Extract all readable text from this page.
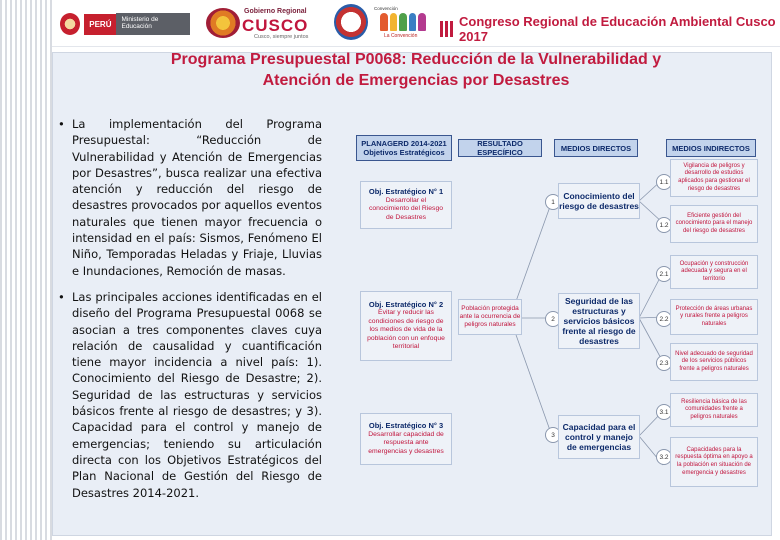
PERÚ	Ministerio de Educación
Gobierno Regional
CUSCO
Cusco, siempre juntos
Convención
La Convención
Congreso Regional de Educación Ambiental Cusco 2017
Programa Presupuestal P0068: Reducción de la Vulnerabilidad y
Atención de Emergencias por Desastres
• La implementación del Programa Presupuestal: “Reducción de Vulnerabilidad y Atención de Emergencias por Desastres”, busca realizar una efectiva atención y reducción del riesgo de desastres provocados por aquellos eventos naturales que tienen mayor frecuencia o intensidad en el país: Sismos, Fenómeno El Niño, Temporadas Heladas y Friaje, Lluvias e Inundaciones, Remoción de masas.
• Las principales acciones identificadas en el diseño del Programa Presupuestal 0068 se asocian a tres componentes claves cuya relación de causalidad y cuantificación tiene mayor incidencia a nivel país: 1). Conocimiento del Riesgo de Desastre; 2). Seguridad de las estructuras y servicios básicos frente al riesgo de desastres; y 3). Capacidad para el control y manejo de emergencias; teniendo su articulación directa con los Objetivos Estratégicos del Plan Nacional de Gestión del Riesgo de Desastres 2014-2021.
PLANAGERD 2014-2021 Objetivos Estratégicos
RESULTADO ESPECÍFICO	MEDIOS DIRECTOS	MEDIOS INDIRECTOS
Obj. Estratégico N° 1
Desarrollar el conocimiento del Riesgo de Desastres
Obj. Estratégico N° 2
Evitar y reducir las condiciones de riesgo de los medios de vida de la población con un enfoque territorial
Obj. Estratégico N° 3
Desarrollar capacidad de respuesta ante emergencias y desastres
Población protegida ante la ocurrencia de peligros naturales
1
Conocimiento del riesgo de desastres
2
Seguridad de las estructuras y servicios básicos frente al riesgo de desastres
3
Capacidad para el control y manejo de emergencias
1.1
Vigilancia de peligros y desarrollo de estudios aplicados para gestionar el riesgo de desastres
1.2
Eficiente gestión del conocimiento para el manejo del riesgo de desastres
2.1
Ocupación y construcción adecuada y segura en el territorio
2.2
Protección de áreas urbanas y rurales frente a peligros naturales
2.3
Nivel adecuado de seguridad de los servicios públicos frente a peligros naturales
3.1
Resiliencia básica de las comunidades frente a peligros naturales
3.2
Capacidades para la respuesta óptima en apoyo a la población en situación de emergencia y desastres
